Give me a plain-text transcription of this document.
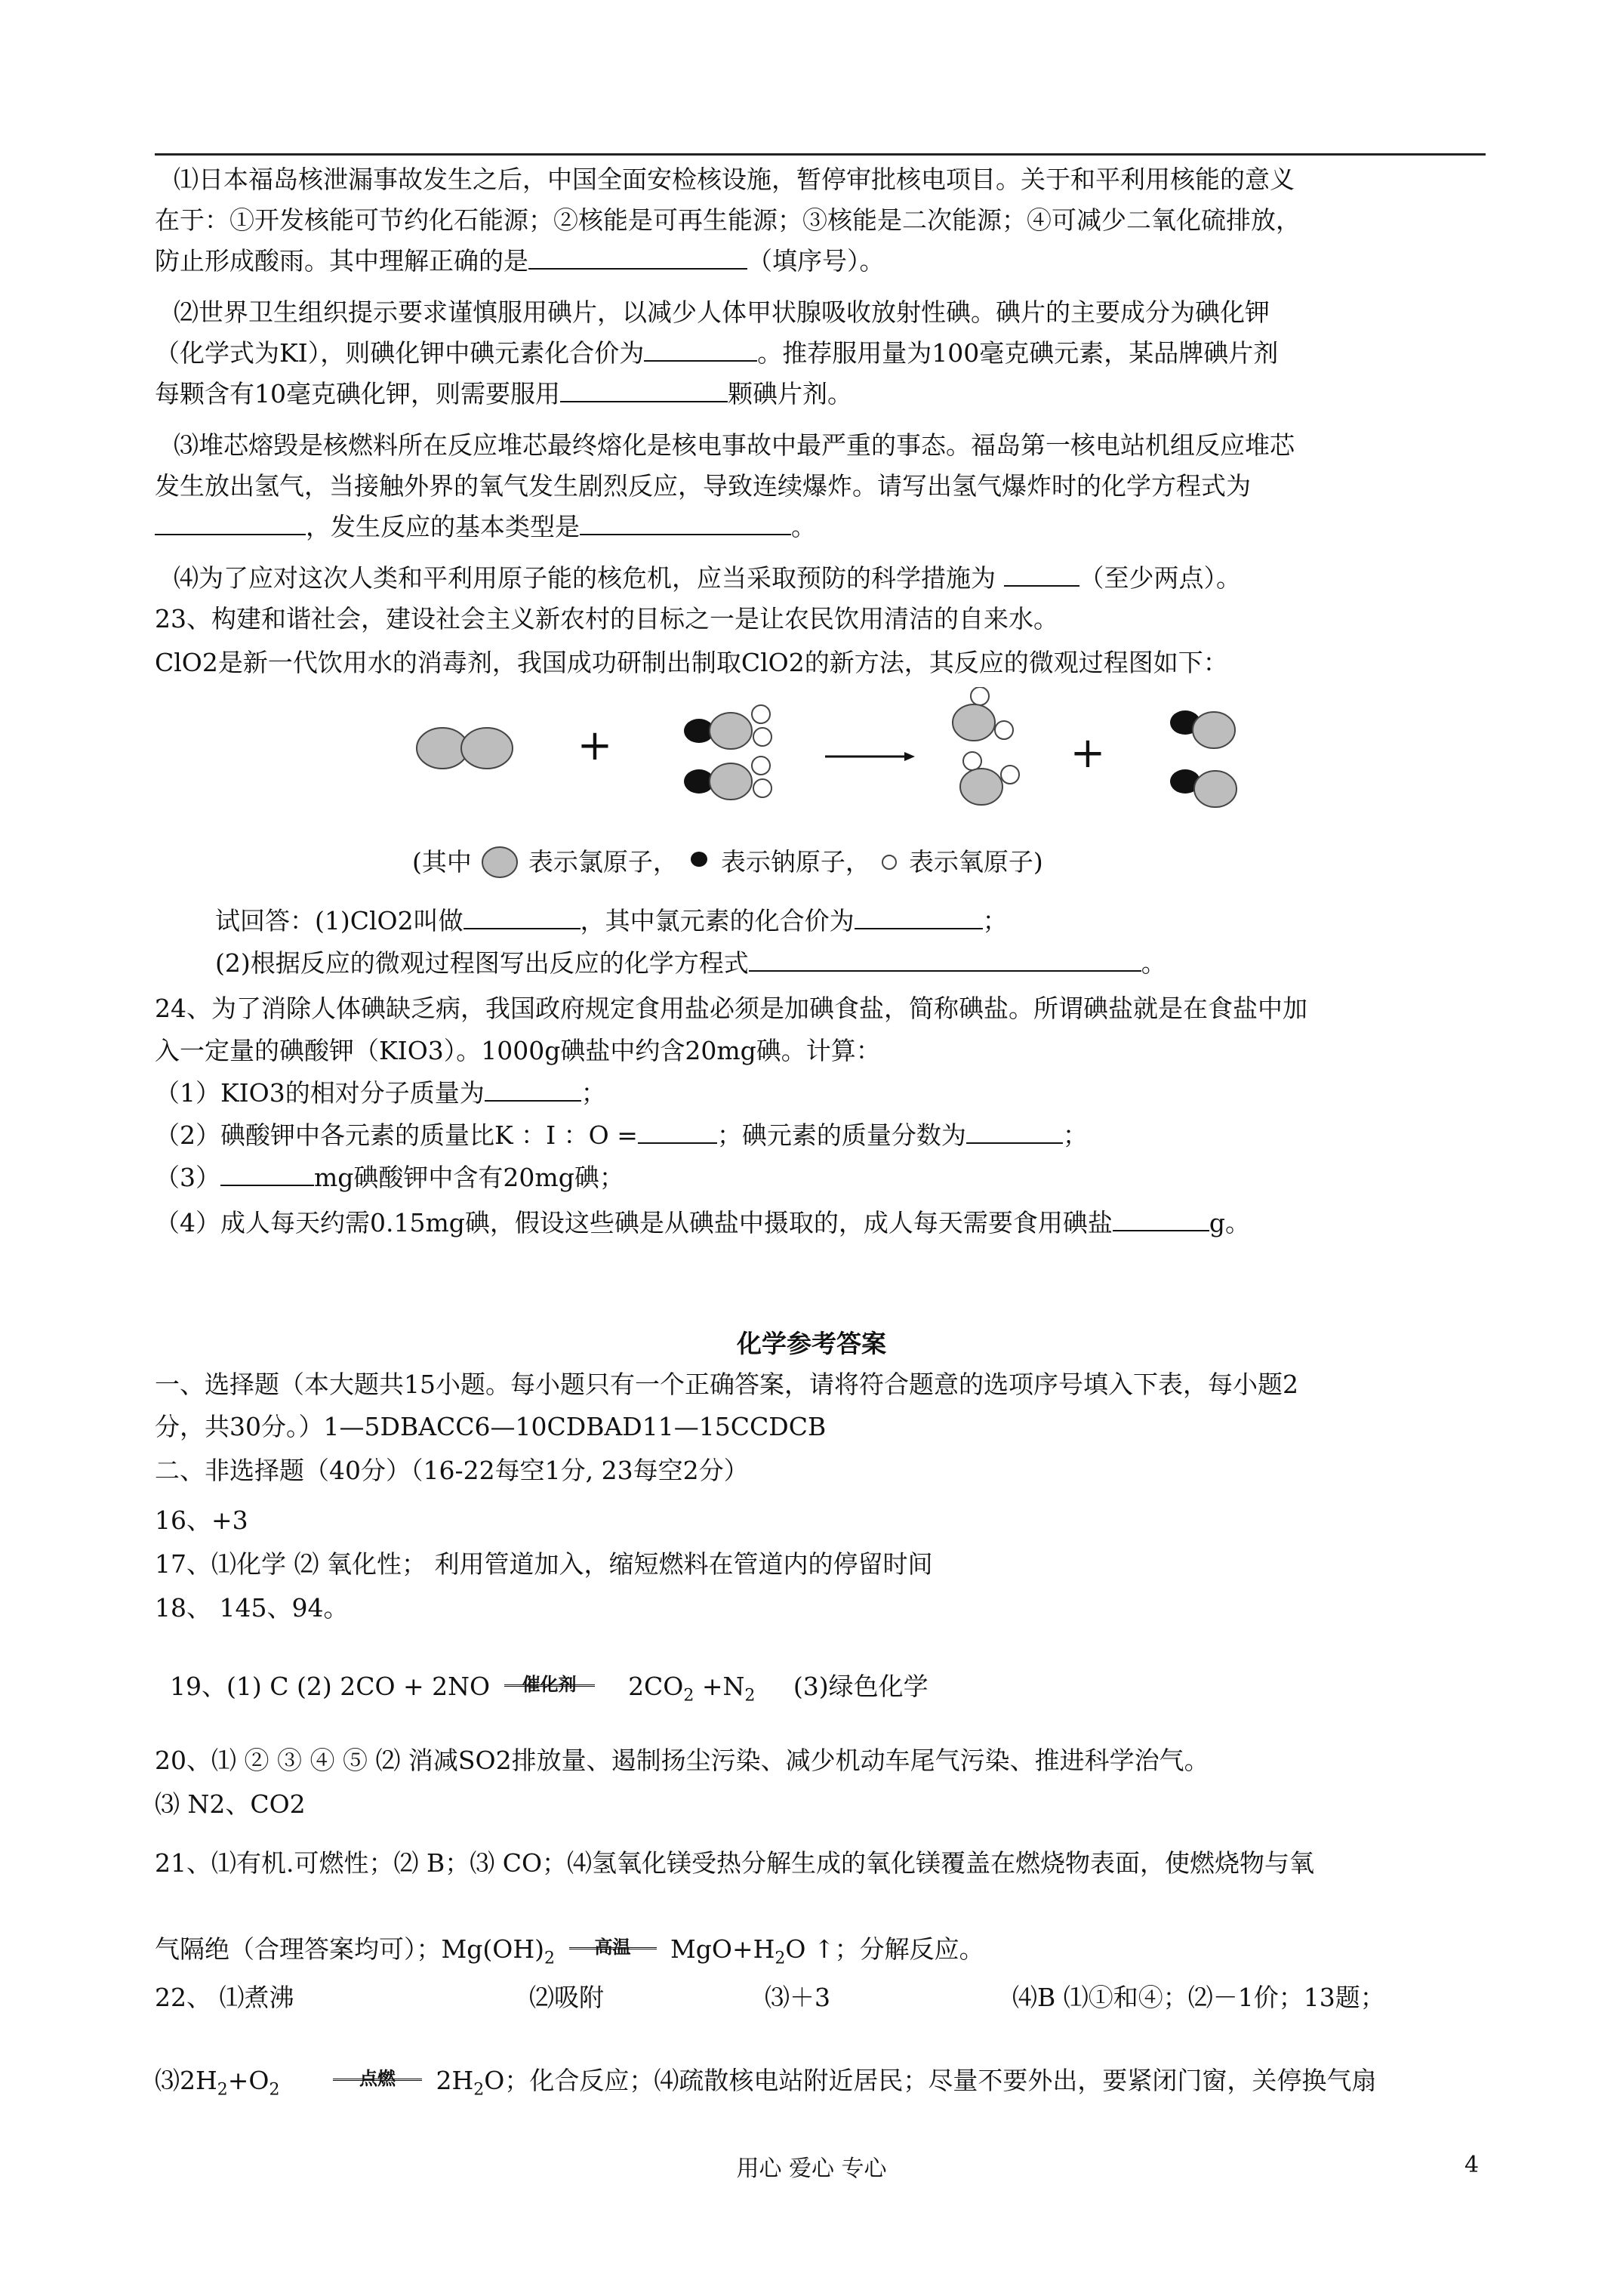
⑴日本福岛核泄漏事故发生之后，中国全面安检核设施，暂停审批核电项目。关于和平利用核能的意义
在于：①开发核能可节约化石能源；②核能是可再生能源；③核能是二次能源；④可减少二氧化硫排放，
防止形成酸雨。其中理解正确的是	（填序号）。
⑵世界卫生组织提示要求谨慎服用碘片，以减少人体甲状腺吸收放射性碘。碘片的主要成分为碘化钾
（化学式为KI），则碘化钾中碘元素化合价为	。推荐服用量为100毫克碘元素，某品牌碘片剂
每颗含有10毫克碘化钾，则需要服用	颗碘片剂。
⑶堆芯熔毁是核燃料所在反应堆芯最终熔化是核电事故中最严重的事态。福岛第一核电站机组反应堆芯
发生放出氢气，当接触外界的氧气发生剧烈反应，导致连续爆炸。请写出氢气爆炸时的化学方程式为
，发生反应的基本类型是	。
⑷为了应对这次人类和平利用原子能的核危机，应当采取预防的科学措施为	（至少两点）。
23、构建和谐社会，建设社会主义新农村的目标之一是让农民饮用清洁的自来水。
ClO2是新一代饮用水的消毒剂，我国成功研制出制取ClO2的新方法，其反应的微观过程图如下：
+	+
(其中 表示氯原子， 表示钠原子， 表示氧原子)
试回答：(1)ClO2叫做	，其中氯元素的化合价为	；
(2)根据反应的微观过程图写出反应的化学方程式	。
24、为了消除人体碘缺乏病，我国政府规定食用盐必须是加碘食盐，简称碘盐。所谓碘盐就是在食盐中加
入一定量的碘酸钾（KIO3）。1000g碘盐中约含20mg碘。计算：
（1）KIO3的相对分子质量为	；
（2）碘酸钾中各元素的质量比K ：I ：O =	；碘元素的质量分数为	；
（3）	mg碘酸钾中含有20mg碘；
（4）成人每天约需0.15mg碘，假设这些碘是从碘盐中摄取的，成人每天需要食用碘盐	g。
化学参考答案
一、选择题（本大题共15小题。每小题只有一个正确答案，请将符合题意的选项序号填入下表，每小题2
分，共30分。）1—5DBACC6—10CDBAD11—15CCDCB
二、非选择题（40分）（16-22每空1分, 23每空2分）
16、+3
17、⑴化学 ⑵ 氧化性； 利用管道加入，缩短燃料在管道内的停留时间
18、 145、94。
19、(1) C (2) 2CO + 2NO	催化剂	$2CO_2 +N_2$ (3)绿色化学
20、⑴ ② ③ ④ ⑤ ⑵ 消减SO2排放量、遏制扬尘污染、减少机动车尾气污染、推进科学治气。
⑶ N2、CO2
21、⑴有机.可燃性；⑵ B；⑶ CO；⑷氢氧化镁受热分解生成的氧化镁覆盖在燃烧物表面，使燃烧物与氧
气隔绝（合理答案均可）；$Mg(OH)_2$
高温	$MgO+H_2O$ ↑；分解反应。
22、 ⑴煮沸	⑵吸附	⑶＋3	⑷B ⑴①和④；⑵－1价；13题；
$⑶2H_2+O_2$
点燃	$2H_2O$；化合反应；⑷疏散核电站附近居民；尽量不要外出，要紧闭门窗，关停换气扇
用心 爱心 专心	4
